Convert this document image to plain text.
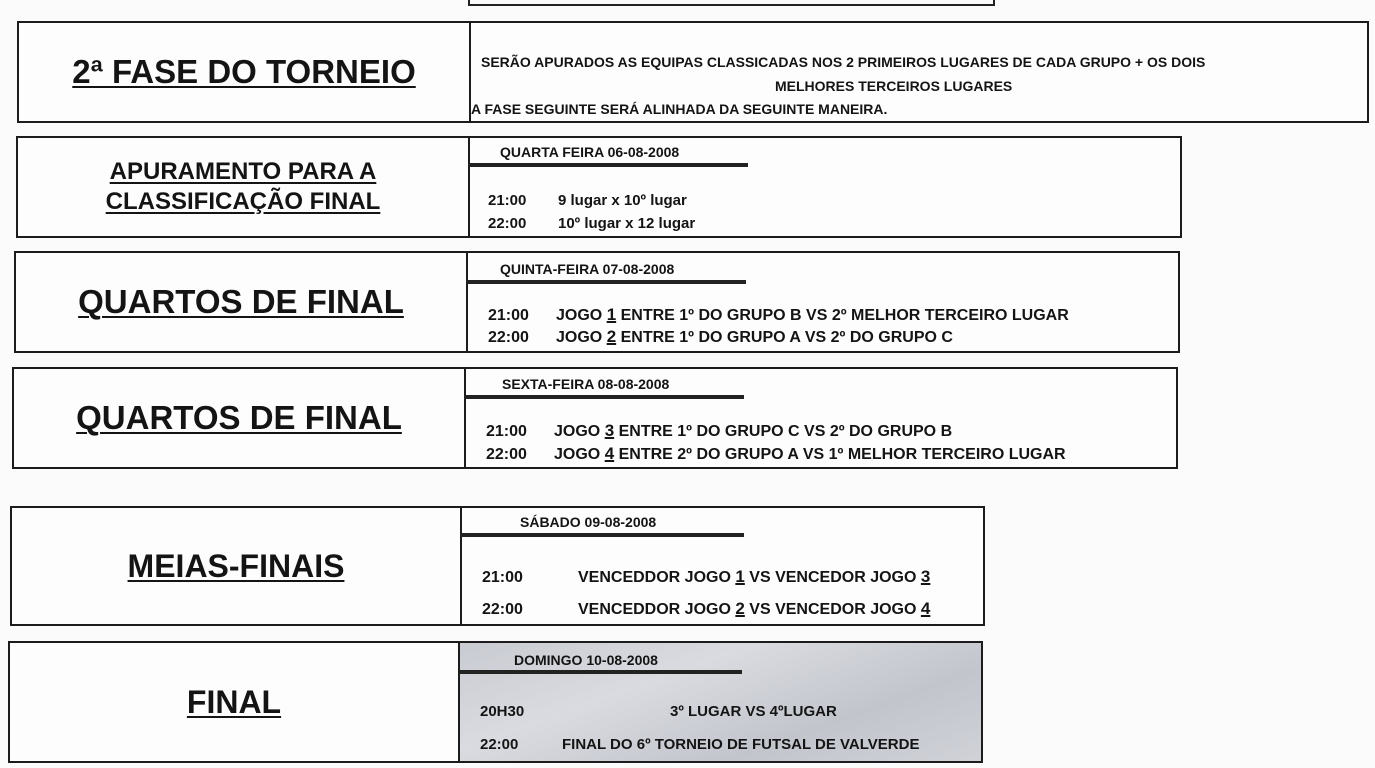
2ª FASE DO TORNEIO	SERÃO APURADOS AS EQUIPAS CLASSICADAS NOS 2 PRIMEIROS LUGARES DE CADA GRUPO + OS DOIS
MELHORES TERCEIROS LUGARES
A FASE SEGUINTE SERÁ ALINHADA DA SEGUINTE MANEIRA.
APURAMENTO PARA A
CLASSIFICAÇÃO FINAL
QUARTA FEIRA 06-08-2008
21:00 9 lugar x 10º lugar
22:00 10º lugar x 12 lugar
QUARTOS DE FINAL
QUINTA-FEIRA 07-08-2008
21:00 JOGO 1 ENTRE 1º DO GRUPO B VS 2º MELHOR TERCEIRO LUGAR
22:00 JOGO 2 ENTRE 1º DO GRUPO A VS 2º DO GRUPO C
QUARTOS DE FINAL
SEXTA-FEIRA 08-08-2008
21:00 JOGO 3 ENTRE 1º DO GRUPO C VS 2º DO GRUPO B
22:00 JOGO 4 ENTRE 2º DO GRUPO A VS 1º MELHOR TERCEIRO LUGAR
MEIAS-FINAIS
SÁBADO 09-08-2008
21:00	VENCEDDOR JOGO 1 VS VENCEDOR JOGO 3
22:00	VENCEDDOR JOGO 2 VS VENCEDOR JOGO 4
FINAL
DOMINGO 10-08-2008
20H30	3º LUGAR VS 4ºLUGAR
22:00	FINAL DO 6º TORNEIO DE FUTSAL DE VALVERDE
